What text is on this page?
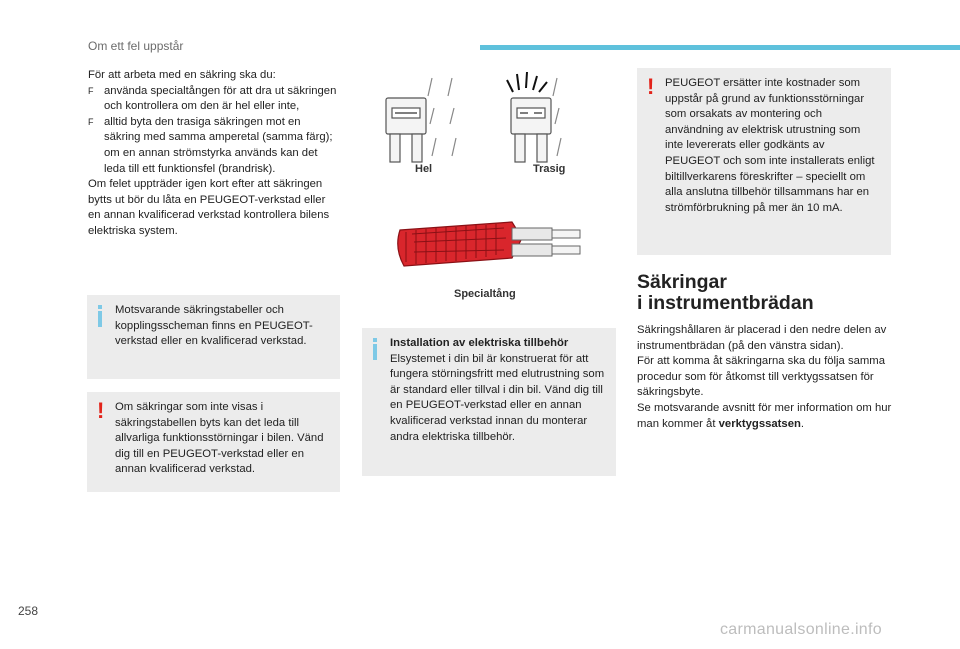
Om ett fel uppstår

För att arbeta med en säkring ska du:

F använda specialtången för att dra ut säkringen och kontrollera om den är hel eller inte,
F alltid byta den trasiga säkringen mot en säkring med samma amperetal (samma färg); om en annan strömstyrka används kan det leda till ett funktionsfel (brandrisk).

Om felet uppträder igen kort efter att säkringen bytts ut bör du låta en PEUGEOT-verkstad eller en annan kvalificerad verkstad kontrollera bilens elektriska system.

Motsvarande säkringstabeller och kopplingsscheman finns en PEUGEOT-verkstad eller en kvalificerad verkstad.

! Om säkringar som inte visas i säkringstabellen byts kan det leda till allvarliga funktionsstörningar i bilen. Vänd dig till en PEUGEOT-verkstad eller en annan kvalificerad verkstad.

Hel	Trasig
Specialtång

Installation av elektriska tillbehör

Elsystemet i din bil är konstruerat för att fungera störningsfritt med elutrustning som är standard eller tillval i din bil. Vänd dig till en PEUGEOT-verkstad eller en annan kvalificerad verkstad innan du monterar andra elektriska tillbehör.

! PEUGEOT ersätter inte kostnader som uppstår på grund av funktionsstörningar som orsakats av montering och användning av elektrisk utrustning som inte levererats eller godkänts av PEUGEOT och som inte installerats enligt biltillverkarens föreskrifter – speciellt om alla anslutna tillbehör tillsammans har en strömförbrukning på mer än 10 mA.

Säkringar
i instrumentbrädan

Säkringshållaren är placerad i den nedre delen av instrumentbrädan (på den vänstra sidan).

För att komma åt säkringarna ska du följa samma procedur som för åtkomst till verktygssatsen för säkringsbyte.

Se motsvarande avsnitt för mer information om hur man kommer åt verktygssatsen.

258
carmanualsonline.info
